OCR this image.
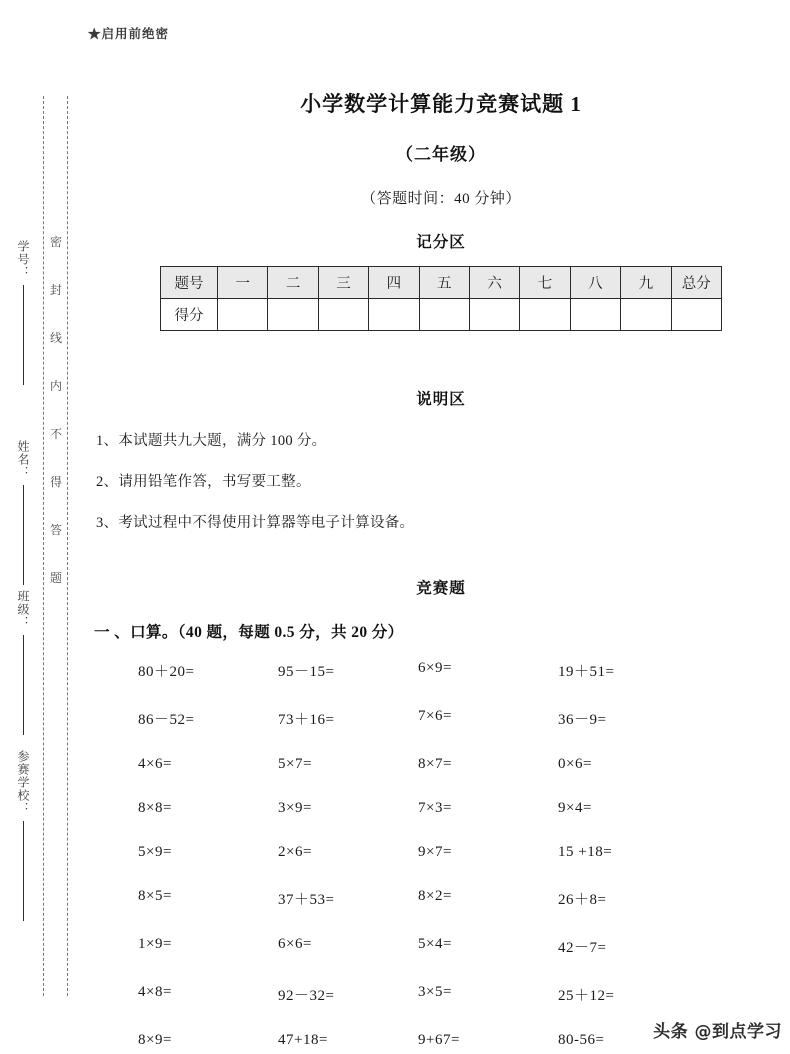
★启用前绝密
密
封
线
内
不
得
答
题
学号：
姓名：
班级：
参赛学校：
小学数学计算能力竞赛试题 1
（二年级）
（答题时间：40 分钟）
记分区
题号	一	二	三	四	五	六	七	八	九	总分
得分										
说明区
1、本试题共九大题，满分 100 分。
2、请用铅笔作答，书写要工整。
3、考试过程中不得使用计算器等电子计算设备。
竞赛题
一 、口算。（40 题，每题 0.5 分，共 20 分）
80＋20=	95－15=	6×9=	19＋51=
86－52=	73＋16=	7×6=	36－9=
4×6=	5×7=	8×7=	0×6=
8×8=	3×9=	7×3=	9×4=
5×9=	2×6=	9×7=	15 +18=
8×5=	37＋53=	8×2=	26＋8=
1×9=	6×6=	5×4=	42－7=
4×8=	92－32=	3×5=	25＋12=
8×9=	47+18=	9+67=	80-56=	头条 @到点学习
